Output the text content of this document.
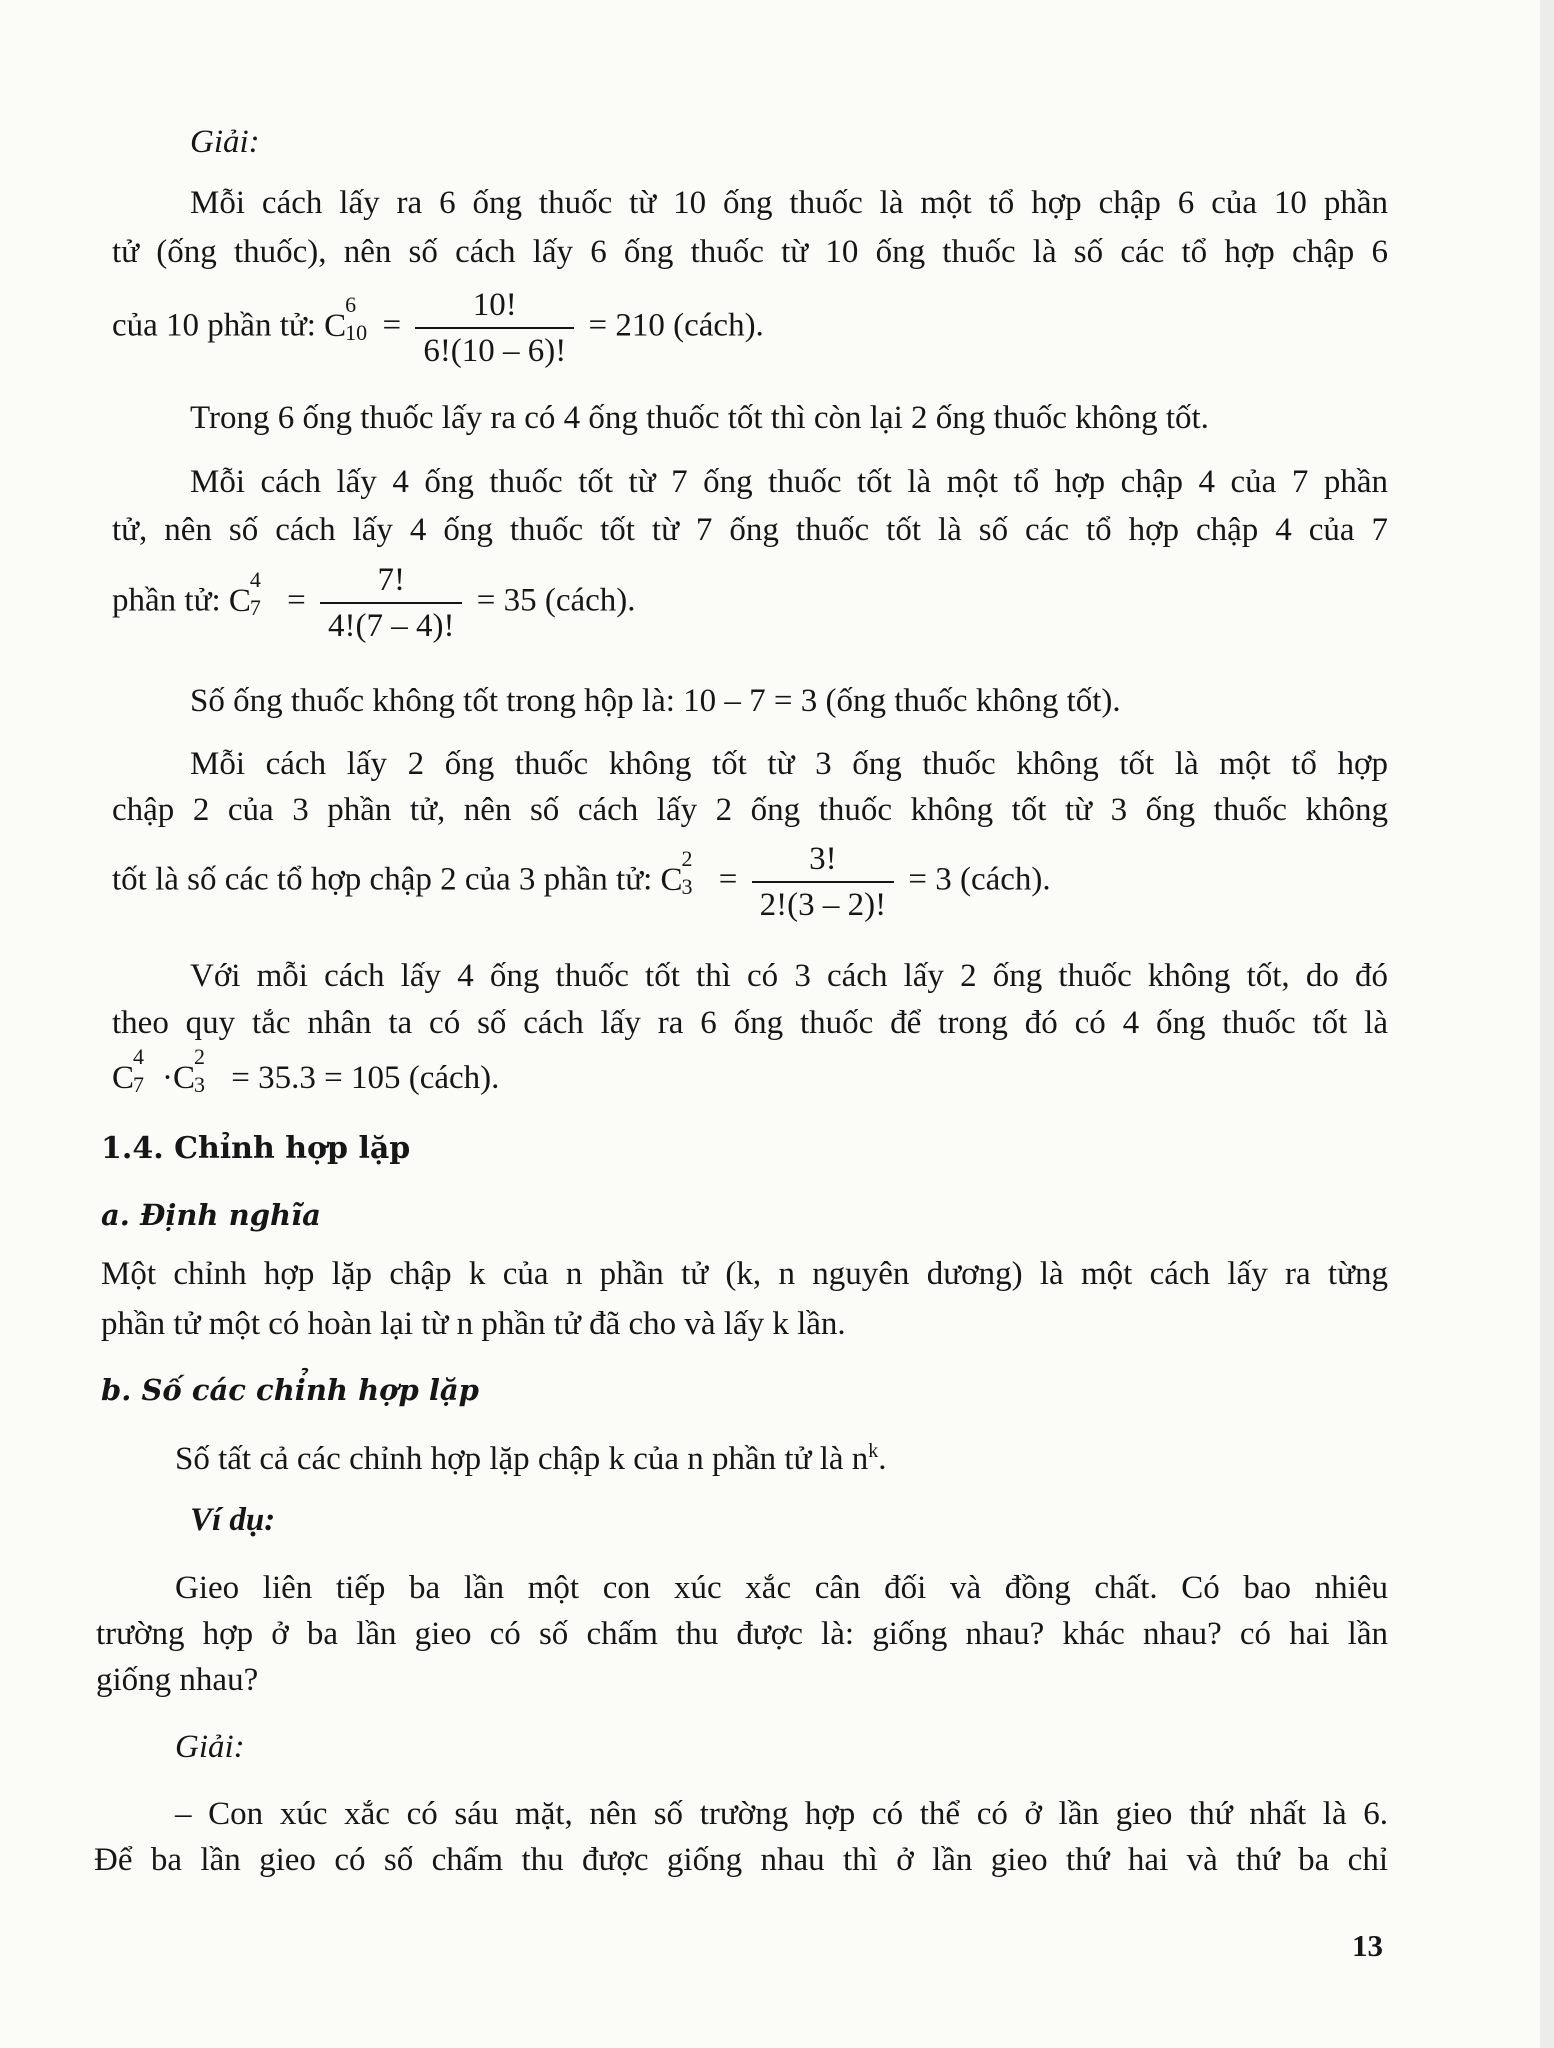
Giải:
Mỗi cách lấy ra 6 ống thuốc từ 10 ống thuốc là một tổ hợp chập 6 của 10 phần
tử (ống thuốc), nên số cách lấy 6 ống thuốc từ 10 ống thuốc là số các tổ hợp chập 6
của 10 phần tử: C
6
$10 = \frac{10!}{6!(10 - 6)!} = 210$ (cách).
Trong 6 ống thuốc lấy ra có 4 ống thuốc tốt thì còn lại 2 ống thuốc không tốt.
Mỗi cách lấy 4 ống thuốc tốt từ 7 ống thuốc tốt là một tổ hợp chập 4 của 7 phần
tử, nên số cách lấy 4 ống thuốc tốt từ 7 ống thuốc tốt là số các tổ hợp chập 4 của 7
phần tử: C
4
$7 = \frac{7!}{4!(7 - 4)!} = 35$ (cách).
Số ống thuốc không tốt trong hộp là: 10 – 7 = 3 (ống thuốc không tốt).
Mỗi cách lấy 2 ống thuốc không tốt từ 3 ống thuốc không tốt là một tổ hợp
chập 2 của 3 phần tử, nên số cách lấy 2 ống thuốc không tốt từ 3 ống thuốc không
tốt là số các tổ hợp chập 2 của 3 phần tử: C
2
$3 = \frac{3!}{2!(3 - 2)!} = 3$ (cách).
Với mỗi cách lấy 4 ống thuốc tốt thì có 3 cách lấy 2 ống thuốc không tốt, do đó
theo quy tắc nhân ta có số cách lấy ra 6 ống thuốc để trong đó có 4 ống thuốc tốt là
C
4
7 ·C
2
3 = 35.3 = 105 (cách).
1.4. Chỉnh hợp lặp
a. Định nghĩa
Một chỉnh hợp lặp chập k của n phần tử (k, n nguyên dương) là một cách lấy ra từng
phần tử một có hoàn lại từ n phần tử đã cho và lấy k lần.
b. Số các chỉnh hợp lặp
Số tất cả các chỉnh hợp lặp chập k của n phần tử là $n^k$.
Ví dụ:
Gieo liên tiếp ba lần một con xúc xắc cân đối và đồng chất. Có bao nhiêu
trường hợp ở ba lần gieo có số chấm thu được là: giống nhau? khác nhau? có hai lần
giống nhau?
Giải:
– Con xúc xắc có sáu mặt, nên số trường hợp có thể có ở lần gieo thứ nhất là 6.
Để ba lần gieo có số chấm thu được giống nhau thì ở lần gieo thứ hai và thứ ba chỉ
13
